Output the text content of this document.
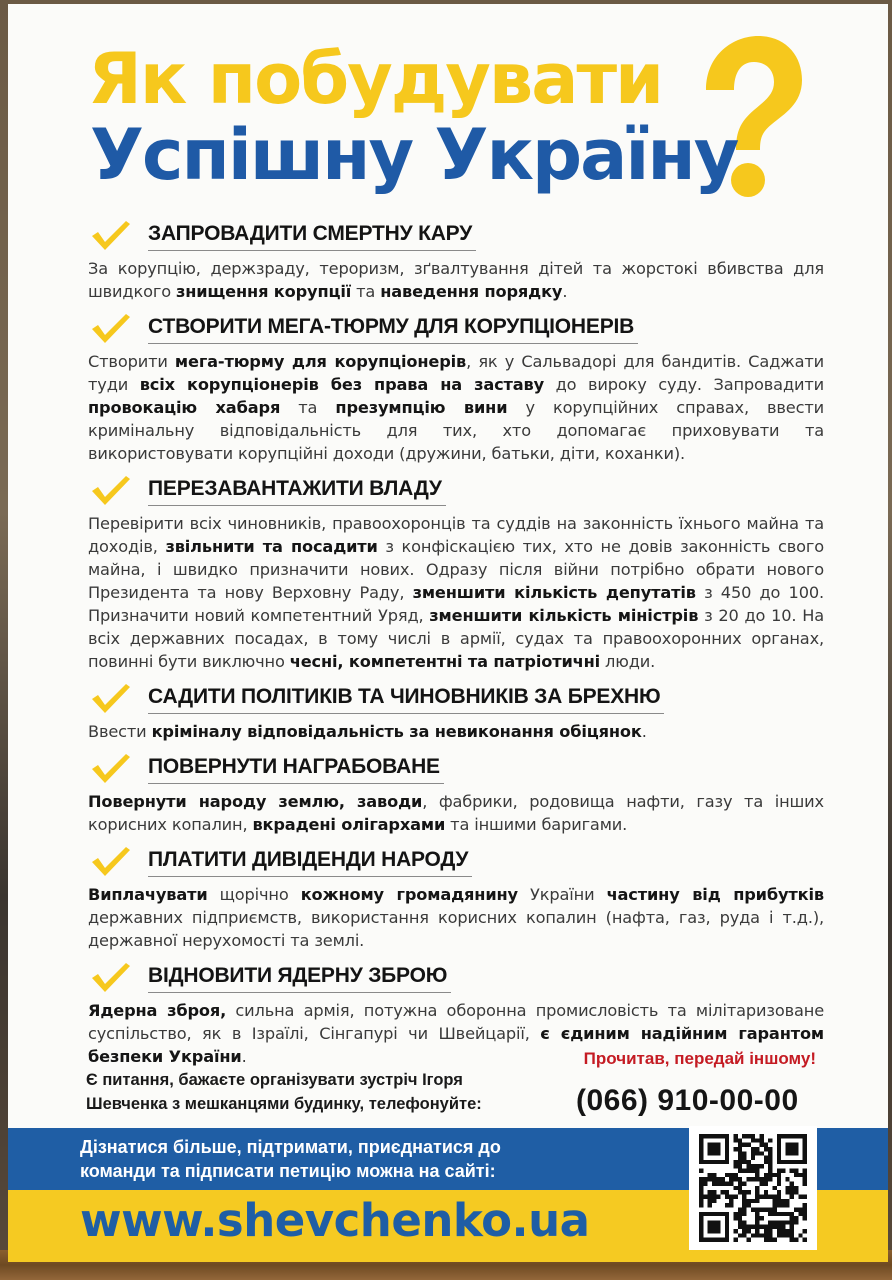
Як побудувати
Успішну Україну
ЗАПРОВАДИТИ СМЕРТНУ КАРУ
За корупцію, держзраду, тероризм, зґвалтування дітей та жорстокі вбивства для швидкого знищення корупції та наведення порядку.
СТВОРИТИ МЕГА-ТЮРМУ ДЛЯ КОРУПЦІОНЕРІВ
Створити мега-тюрму для корупціонерів, як у Сальвадорі для бандитів. Саджати туди всіх корупціонерів без права на заставу до вироку суду. Запровадити провокацію хабаря та презумпцію вини у корупційних справах, ввести кримінальну відповідальність для тих, хто допомагає приховувати та використовувати корупційні доходи (дружини, батьки, діти, коханки).
ПЕРЕЗАВАНТАЖИТИ ВЛАДУ
Перевірити всіх чиновників, правоохоронців та суддів на законність їхнього майна та доходів, звільнити та посадити з конфіскацією тих, хто не довів законність свого майна, і швидко призначити нових. Одразу після війни потрібно обрати нового Президента та нову Верховну Раду, зменшити кількість депутатів з 450 до 100. Призначити новий компетентний Уряд, зменшити кількість міністрів з 20 до 10. На всіх державних посадах, в тому числі в армії, судах та правоохоронних органах, повинні бути виключно чесні, компетентні та патріотичні люди.
САДИТИ ПОЛІТИКІВ ТА ЧИНОВНИКІВ ЗА БРЕХНЮ
Ввести кріміналу відповідальність за невиконання обіцянок.
ПОВЕРНУТИ НАГРАБОВАНЕ
Повернути народу землю, заводи, фабрики, родовища нафти, газу та інших корисних копалин, вкрадені олігархами та іншими баригами.
ПЛАТИТИ ДИВІДЕНДИ НАРОДУ
Виплачувати щорічно кожному громадянину України частину від прибутків державних підприємств, використання корисних копалин (нафта, газ, руда і т.д.), державної нерухомості та землі.
ВІДНОВИТИ ЯДЕРНУ ЗБРОЮ
Ядерна зброя, сильна армія, потужна оборонна промисловість та мілітаризоване суспільство, як в Ізраїлі, Сінгапурі чи Швейцарії, є єдиним надійним гарантом безпеки України.	Прочитав, передай іншому!
Є питання, бажаєте організувати зустріч Ігоря
Шевченка з мешканцями будинку, телефонуйте:	(066) 910-00-00
Дізнатися більше, підтримати, приєднатися до
команди та підписати петицію можна на сайті:
www.shevchenko.ua
